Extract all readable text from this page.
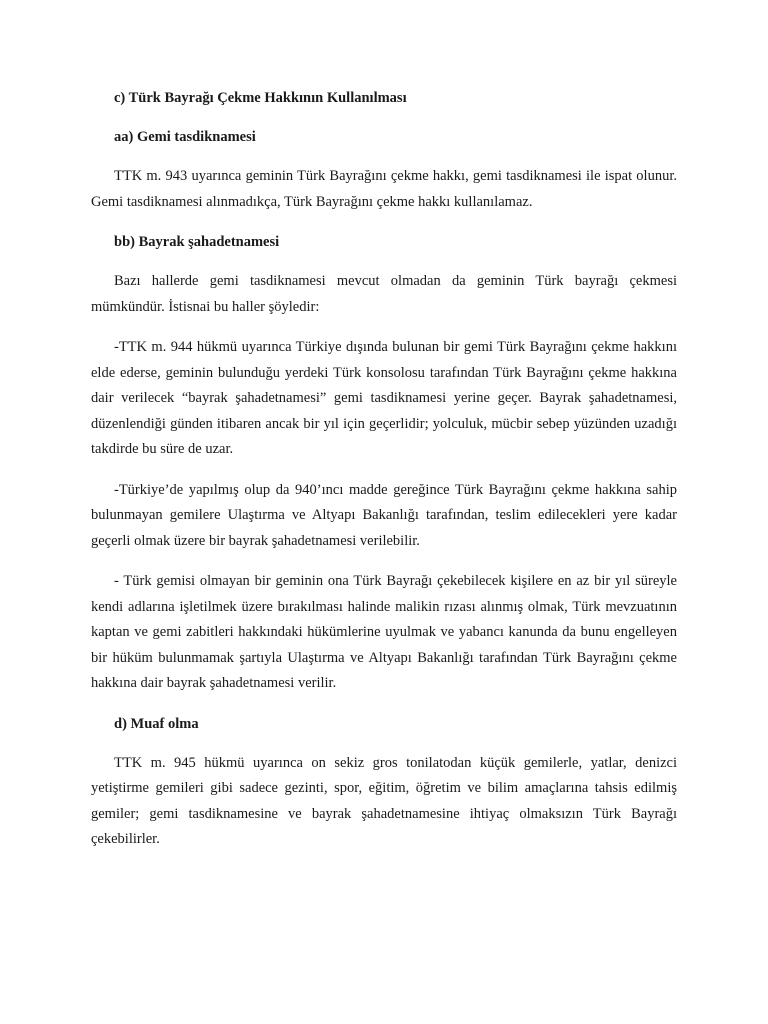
c) Türk Bayrağı Çekme Hakkının Kullanılması
aa) Gemi tasdiknamesi

TTK m. 943 uyarınca geminin Türk Bayrağını çekme hakkı, gemi tasdiknamesi ile ispat olunur. Gemi tasdiknamesi alınmadıkça, Türk Bayrağını çekme hakkı kullanılamaz.

bb) Bayrak şahadetnamesi

Bazı hallerde gemi tasdiknamesi mevcut olmadan da geminin Türk bayrağı çekmesi mümkündür. İstisnai bu haller şöyledir:

-TTK m. 944 hükmü uyarınca Türkiye dışında bulunan bir gemi Türk Bayrağını çekme hakkını elde ederse, geminin bulunduğu yerdeki Türk konsolosu tarafından Türk Bayrağını çekme hakkına dair verilecek “bayrak şahadetnamesi” gemi tasdiknamesi yerine geçer. Bayrak şahadetnamesi, düzenlendiği günden itibaren ancak bir yıl için geçerlidir; yolculuk, mücbir sebep yüzünden uzadığı takdirde bu süre de uzar.

-Türkiye’de yapılmış olup da 940’ıncı madde gereğince Türk Bayrağını çekme hakkına sahip bulunmayan gemilere Ulaştırma ve Altyapı Bakanlığı tarafından, teslim edilecekleri yere kadar geçerli olmak üzere bir bayrak şahadetnamesi verilebilir.

- Türk gemisi olmayan bir geminin ona Türk Bayrağı çekebilecek kişilere en az bir yıl süreyle kendi adlarına işletilmek üzere bırakılması halinde malikin rızası alınmış olmak, Türk mevzuatının kaptan ve gemi zabitleri hakkındaki hükümlerine uyulmak ve yabancı kanunda da bunu engelleyen bir hüküm bulunmamak şartıyla Ulaştırma ve Altyapı Bakanlığı tarafından Türk Bayrağını çekme hakkına dair bayrak şahadetnamesi verilir.

d) Muaf olma

TTK m. 945 hükmü uyarınca on sekiz gros tonilatodan küçük gemilerle, yatlar, denizci yetiştirme gemileri gibi sadece gezinti, spor, eğitim, öğretim ve bilim amaçlarına tahsis edilmiş gemiler; gemi tasdiknamesine ve bayrak şahadetnamesine ihtiyaç olmaksızın Türk Bayrağı çekebilirler.
